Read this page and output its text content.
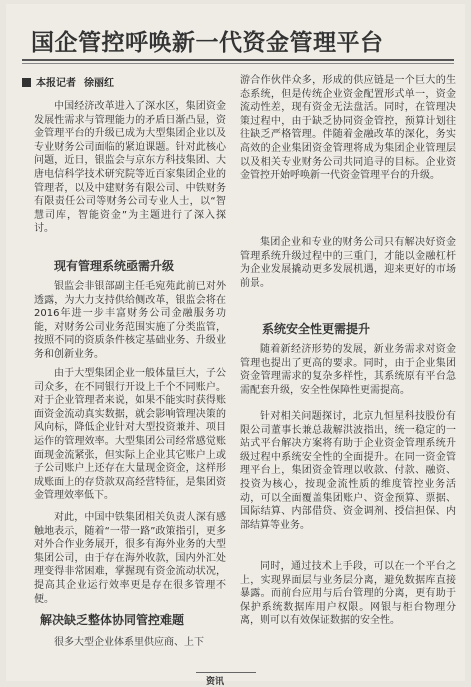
国企管控呼唤新一代资金管理平台
本报记者 徐丽红

中国经济改革进入了深水区，集团资金发展性需求与管理能力的矛盾日渐凸显，资金管理平台的升级已成为大型集团企业以及专业财务公司面临的紧迫课题。针对此核心问题，近日，银监会与京东方科技集团、大唐电信科学技术研究院等近百家集团企业的管理者，以及中建财务有限公司、中铁财务有限责任公司等财务公司专业人士，以“智慧司库，智能资金”为主题进行了深入探讨。

现有管理系统亟需升级

银监会非银部副主任毛宛苑此前已对外透露，为大力支持供给侧改革，银监会将在2016年进一步丰富财务公司金融服务功能，对财务公司业务范围实施了分类监管，按照不同的资质条件核定基础业务、升级业务和创新业务。

由于大型集团企业一般体量巨大，子公司众多，在不同银行开设上千个不同账户。对于企业管理者来说，如果不能实时获得账面资金流动真实数据，就会影响管理决策的风向标，降低企业针对大型投资兼并、项目运作的管理效率。大型集团公司经常感觉账面现金流紧张，但实际上企业其它账户上或子公司账户上还存在大量现金资金，这样形成账面上的存贷款双高经营特征，是集团资金管理效率低下。

对此，中国中铁集团相关负责人深有感触地表示，随着“一带一路”政策指引，更多对外合作业务展开，很多有海外业务的大型集团公司，由于存在海外收款，国内外汇处理变得非常困难，掌握现有资金流动状况，提高其企业运行效率更是存在很多管理不便。

解决缺乏整体协同管控难题

很多大型企业体系里供应商、上下

游合作伙伴众多，形成的供应链是一个巨大的生态系统，但是传统企业资金配置形式单一，资金流动性差，现有资金无法盘活。同时，在管理决策过程中，由于缺乏协同资金管控，预算计划往往缺乏严格管理。伴随着金融改革的深化，务实高效的企业集团资金管理将成为集团企业管理层以及相关专业财务公司共同追寻的目标。企业资金管控开始呼唤新一代资金管理平台的升级。

集团企业和专业的财务公司只有解决好资金管理系统升级过程中的三重门，才能以金融杠杆为企业发展撬动更多发展机遇，迎来更好的市场前景。

系统安全性更需提升

随着新经济形势的发展，新业务需求对资金管理也提出了更高的要求。同时，由于企业集团资金管理需求的复杂多样性，其系统原有平台急需配套升级，安全性保障性更需提高。

针对相关问题探讨，北京九恒星科技股份有限公司董事长兼总裁解洪波指出，统一稳定的一站式平台解决方案将有助于企业资金管理系统升级过程中系统安全性的全面提升。在同一资金管理平台上，集团资金管理以收款、付款、融资、投资为核心，按现金流性质的维度管控业务活动，可以全面覆盖集团账户、资金预算、票据、国际结算、内部借贷、资金调剂、授信担保、内部结算等业务。

同时，通过技术上手段，可以在一个平台之上，实现界面层与业务层分离，避免数据库直接暴露。而前台应用与后台管理的分离，更有助于保护系统数据库用户权限。网银与柜台物理分离，则可以有效保证数据的安全性。

资讯
